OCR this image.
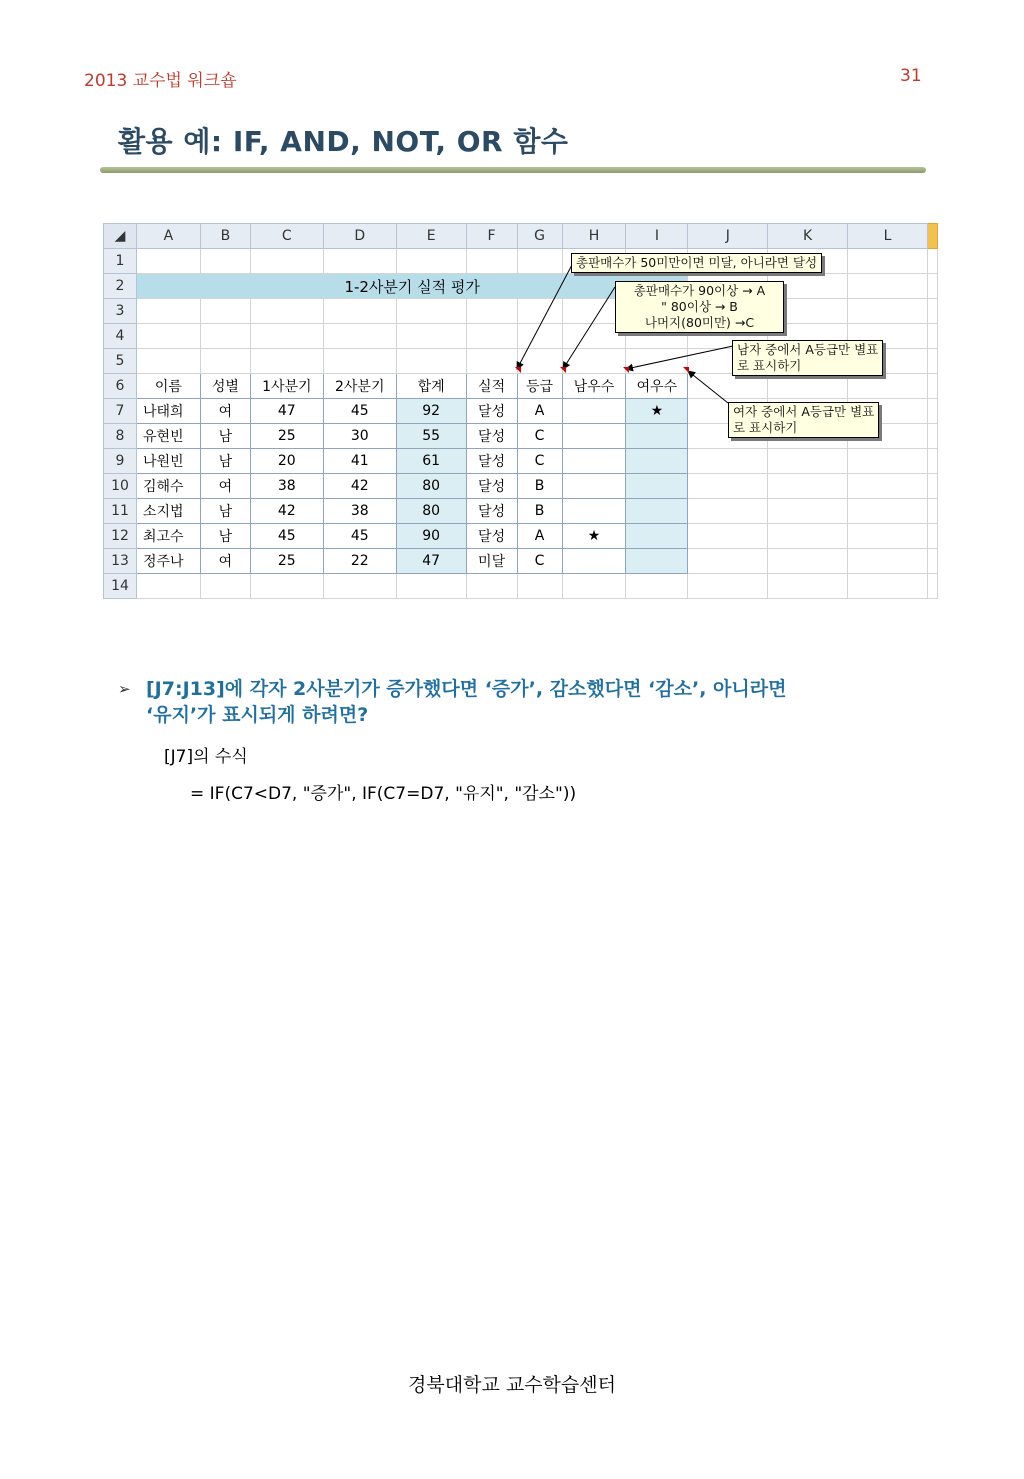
2013 교수법 워크숍	31
활용 예: IF, AND, NOT, OR 함수
◢	A	B	C	D	E	F	G	H	I	J	K	L	
1													
2	1-2사분기 실적 평가												
3													
4													
5													
6	이름	성별	1사분기	2사분기	합계	실적	등급	남우수	여우수				
7	나태희	여	47	45	92	달성	A		★				
8	유현빈	남	25	30	55	달성	C						
9	나원빈	남	20	41	61	달성	C						
10	김해수	여	38	42	80	달성	B						
11	소지법	남	42	38	80	달성	B						
12	최고수	남	45	45	90	달성	A	★					
13	정주나	여	25	22	47	미달	C						
14													
총판매수가 50미만이면 미달, 아니라면 달성
총판매수가 90이상 → A
" 80이상 → B
나머지(80미만) →C
남자 중에서 A등급만 별표
로 표시하기
여자 중에서 A등급만 별표
로 표시하기
➢ [J7:J13]에 각자 2사분기가 증가했다면 ‘증가’, 감소했다면 ‘감소’, 아니라면
‘유지’가 표시되게 하려면?
[J7]의 수식
= IF(C7<D7, "증가", IF(C7=D7, "유지", "감소"))
경북대학교 교수학습센터
